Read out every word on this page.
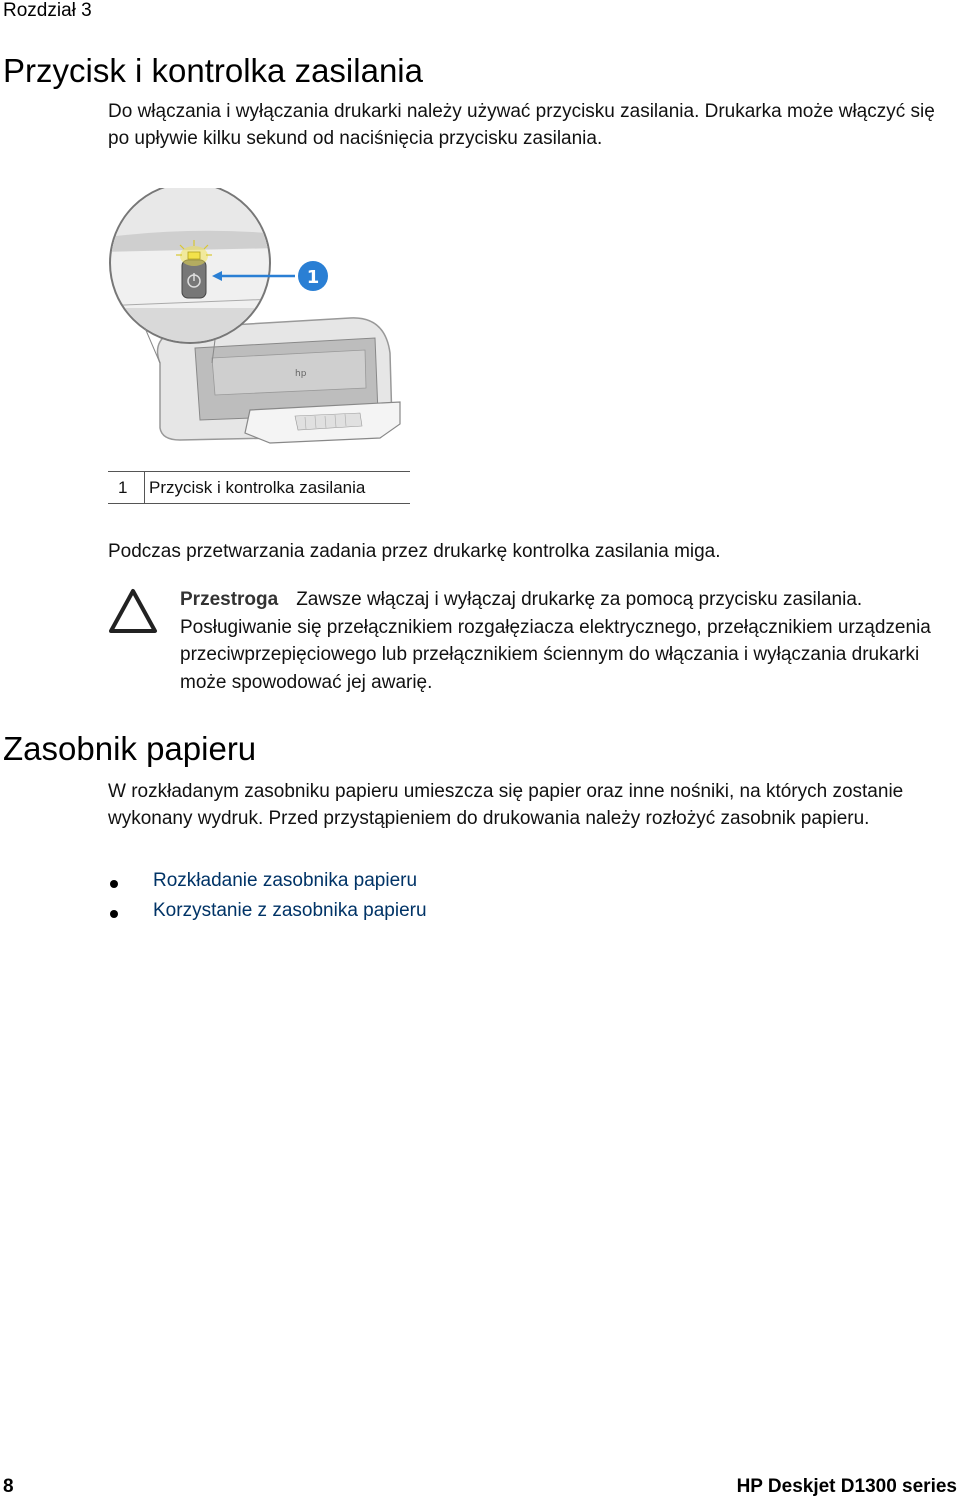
Rozdział 3
Przycisk i kontrolka zasilania
Do włączania i wyłączania drukarki należy używać przycisku zasilania. Drukarka może włączyć się po upływie kilku sekund od naciśnięcia przycisku zasilania.
hp
1
1 Przycisk i kontrolka zasilania
Podczas przetwarzania zadania przez drukarkę kontrolka zasilania miga.
Przestroga Zawsze włączaj i wyłączaj drukarkę za pomocą przycisku zasilania. Posługiwanie się przełącznikiem rozgałęziacza elektrycznego, przełącznikiem urządzenia przeciwprzepięciowego lub przełącznikiem ściennym do włączania i wyłączania drukarki może spowodować jej awarię.
Zasobnik papieru
W rozkładanym zasobniku papieru umieszcza się papier oraz inne nośniki, na których zostanie wykonany wydruk. Przed przystąpieniem do drukowania należy rozłożyć zasobnik papieru.
Rozkładanie zasobnika papieru
Korzystanie z zasobnika papieru
8	HP Deskjet D1300 series
